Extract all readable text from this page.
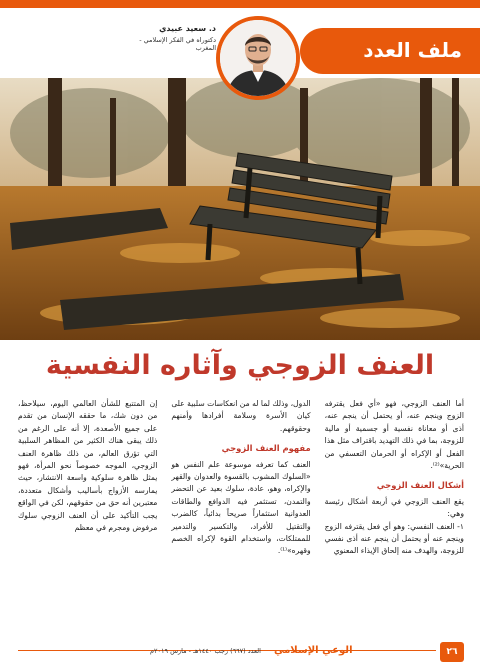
ملف العدد
د. سعيد عبيدي
دكتوراه في الفكر الإسلامي - المغرب
العنف الزوجي وآثاره النفسية

إن المتتبع للشأن العالمي اليوم، سيلاحظ، من دون شك، ما حققه الإنسان من تقدم على جميع الأصعدة، إلا أنه على الرغم من ذلك يبقى هناك الكثير من المظاهر السلبية التي تؤرق العالم، من ذلك ظاهرة العنف الزوجي، الموجه خصوصاً نحو المرأة، فهو يمثل ظاهرة سلوكية واسعة الانتشار، حيث يمارسه الأزواج بأساليب وأشكال متعددة، معتبرين أنه حق من حقوقهم، لكن في الواقع يجب التأكيد على أن العنف الزوجي سلوك مرفوض ومجرم في معظم

الدول، وذلك لما له من انعكاسات سلبية على كيان الأسرة وسلامة أفرادها وأمنهم وحقوقهم.

مفهوم العنف الزوجي

العنف كما تعرفه موسوعة علم النفس هو «السلوك المشوب بالقسوة والعدوان والقهر والإكراه، وهو، عادة، سلوك بعيد عن التحضر والتمدن، تستثمر فيه الدوافع والطاقات العدوانية استثماراً صريحاً بدائياً، كالضرب والتقتيل للأفراد، والتكسير والتدمير للممتلكات، واستخدام القوة لإكراه الخصم وقهره»⁽¹⁾.

أما العنف الزوجي، فهو «أي فعل يقترفه الزوج وينجم عنه، أو يحتمل أن ينجم عنه، أذى أو معاناة نفسية أو جسمية أو مالية للزوجة، بما في ذلك التهديد باقتراف مثل هذا الفعل أو الإكراه أو الحرمان التعسفي من الحرية»⁽²⁾.

أشكال العنف الزوجي

يقع العنف الزوجي في أربعة أشكال رئيسة وهي:

١- العنف النفسي: وهو أي فعل يقترفه الزوج وينجم عنه أو يحتمل أن ينجم عنه أذى نفسي للزوجة، والهدف منه إلحاق الإيذاء المعنوي

الوعي الإسلامي
العدد (٦٦٧) رجب ١٤٤٠هـ - مارس ٢٠١٩م	٢٦
